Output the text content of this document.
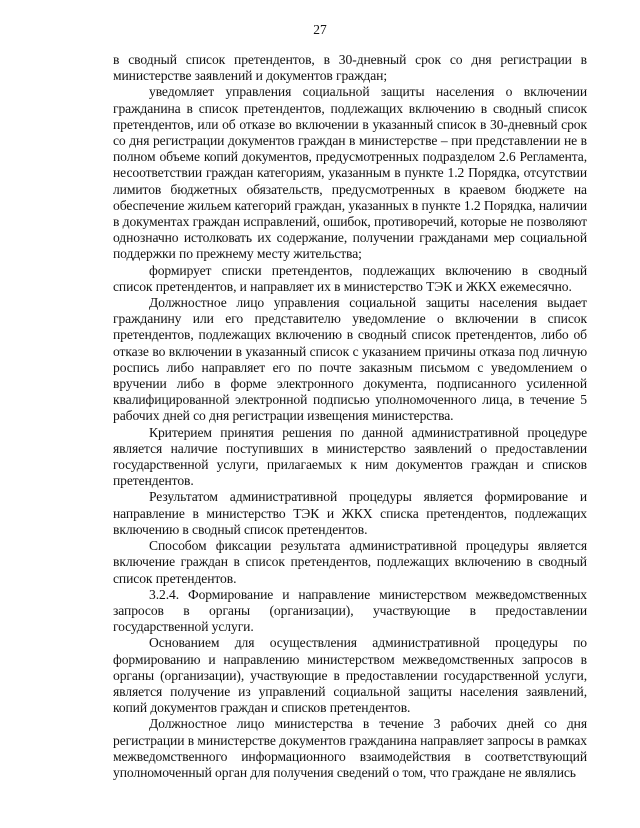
27

в сводный список претендентов, в 30-дневный срок со дня регистрации в министерстве заявлений и документов граждан;

уведомляет управления социальной защиты населения о включении гражданина в список претендентов, подлежащих включению в сводный список претендентов, или об отказе во включении в указанный список в 30-дневный срок со дня регистрации документов граждан в министерстве – при представлении не в полном объеме копий документов, предусмотренных подразделом 2.6 Регламента, несоответствии граждан категориям, указанным в пункте 1.2 Порядка, отсутствии лимитов бюджетных обязательств, предусмотренных в краевом бюджете на обеспечение жильем категорий граждан, указанных в пункте 1.2 Порядка, наличии в документах граждан исправлений, ошибок, противоречий, которые не позволяют однозначно истолковать их содержание, получении гражданами мер социальной поддержки по прежнему месту жительства;

формирует списки претендентов, подлежащих включению в сводный список претендентов, и направляет их в министерство ТЭК и ЖКХ ежемесячно.

Должностное лицо управления социальной защиты населения выдает гражданину или его представителю уведомление о включении в список претендентов, подлежащих включению в сводный список претендентов, либо об отказе во включении в указанный список с указанием причины отказа под личную роспись либо направляет его по почте заказным письмом с уведомлением о вручении либо в форме электронного документа, подписанного усиленной квалифицированной электронной подписью уполномоченного лица, в течение 5 рабочих дней со дня регистрации извещения министерства.

Критерием принятия решения по данной административной процедуре является наличие поступивших в министерство заявлений о предоставлении государственной услуги, прилагаемых к ним документов граждан и списков претендентов.

Результатом административной процедуры является формирование и направление в министерство ТЭК и ЖКХ списка претендентов, подлежащих включению в сводный список претендентов.

Способом фиксации результата административной процедуры является включение граждан в список претендентов, подлежащих включению в сводный список претендентов.

3.2.4. Формирование и направление министерством межведомственных запросов в органы (организации), участвующие в предоставлении государственной услуги.

Основанием для осуществления административной процедуры по формированию и направлению министерством межведомственных запросов в органы (организации), участвующие в предоставлении государственной услуги, является получение из управлений социальной защиты населения заявлений, копий документов граждан и списков претендентов.

Должностное лицо министерства в течение 3 рабочих дней со дня регистрации в министерстве документов гражданина направляет запросы в рамках межведомственного информационного взаимодействия в соответствующий уполномоченный орган для получения сведений о том, что граждане не являлись
